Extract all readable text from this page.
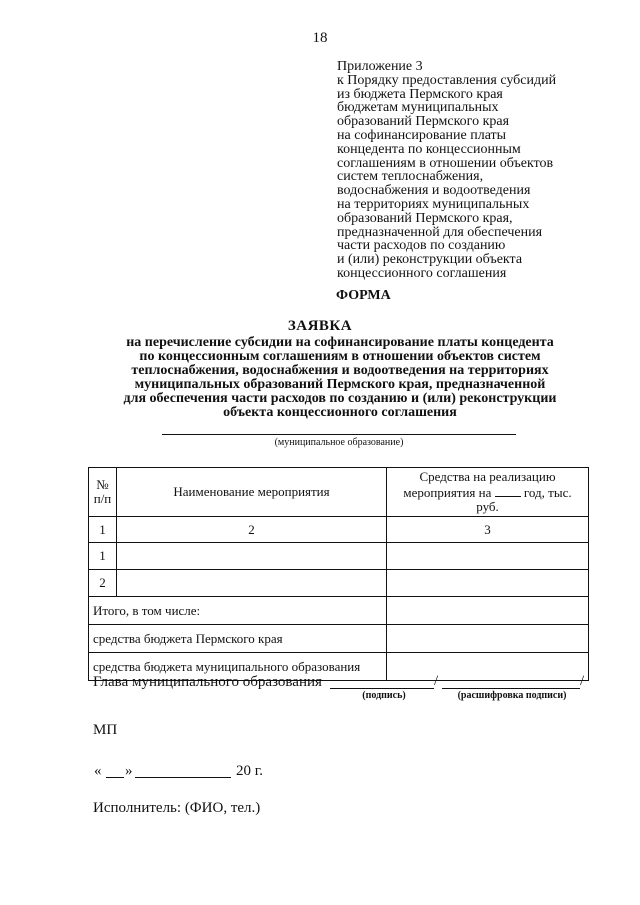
18
Приложение 3
к Порядку предоставления субсидий
из бюджета Пермского края
бюджетам муниципальных
образований Пермского края
на софинансирование платы
концедента по концессионным
соглашениям в отношении объектов
систем теплоснабжения,
водоснабжения и водоотведения
на территориях муниципальных
образований Пермского края,
предназначенной для обеспечения
части расходов по созданию
и (или) реконструкции объекта
концессионного соглашения
ФОРМА
ЗАЯВКА
на перечисление субсидии на софинансирование платы концедента
по концессионным соглашениям в отношении объектов систем
теплоснабжения, водоснабжения и водоотведения на территориях
муниципальных образований Пермского края, предназначенной
для обеспечения части расходов по созданию и (или) реконструкции
объекта концессионного соглашения
(муниципальное образование)
№ п/п	Наименование мероприятия	Средства на реализацию
мероприятия на год, тыс. руб.
1	2	3
1		
2		
Итого, в том числе:		
средства бюджета Пермского края		
средства бюджета муниципального образования		
Глава муниципального образования	/	/
(подпись)	(расшифровка подписи)
МП
« »	20 г.
Исполнитель: (ФИО, тел.)
